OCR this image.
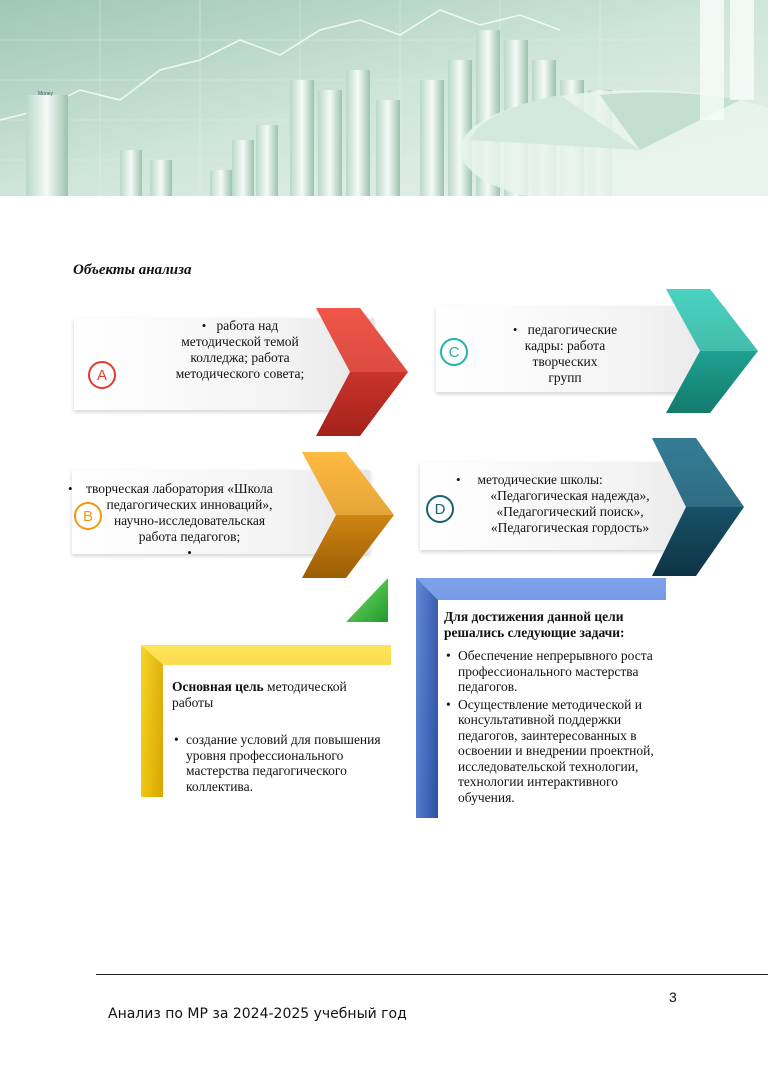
Money
Объекты анализа
A
• работа над
методической темой
колледжа; работа
методического совета;
C
• педагогические
кадры: работа
творческих
групп
B
• творческая лаборатория «Школа
педагогических инноваций»,
научно-исследовательская
работа педагогов;
•
D
• методические школы:
«Педагогическая надежда»,
«Педагогический поиск»,
«Педагогическая гордость»
Основная цель методической работы
• создание условий для повышения уровня профессионального мастерства педагогического коллектива.
Для достижения данной цели решались следующие задачи:
• Обеспечение непрерывного роста профессионального мастерства педагогов.
• Осуществление методической и консультативной поддержки педагогов, заинтересованных в освоении и внедрении проектной, исследовательской технологии, технологии интерактивного обучения.
3
Анализ по МР за 2024-2025 учебный год
